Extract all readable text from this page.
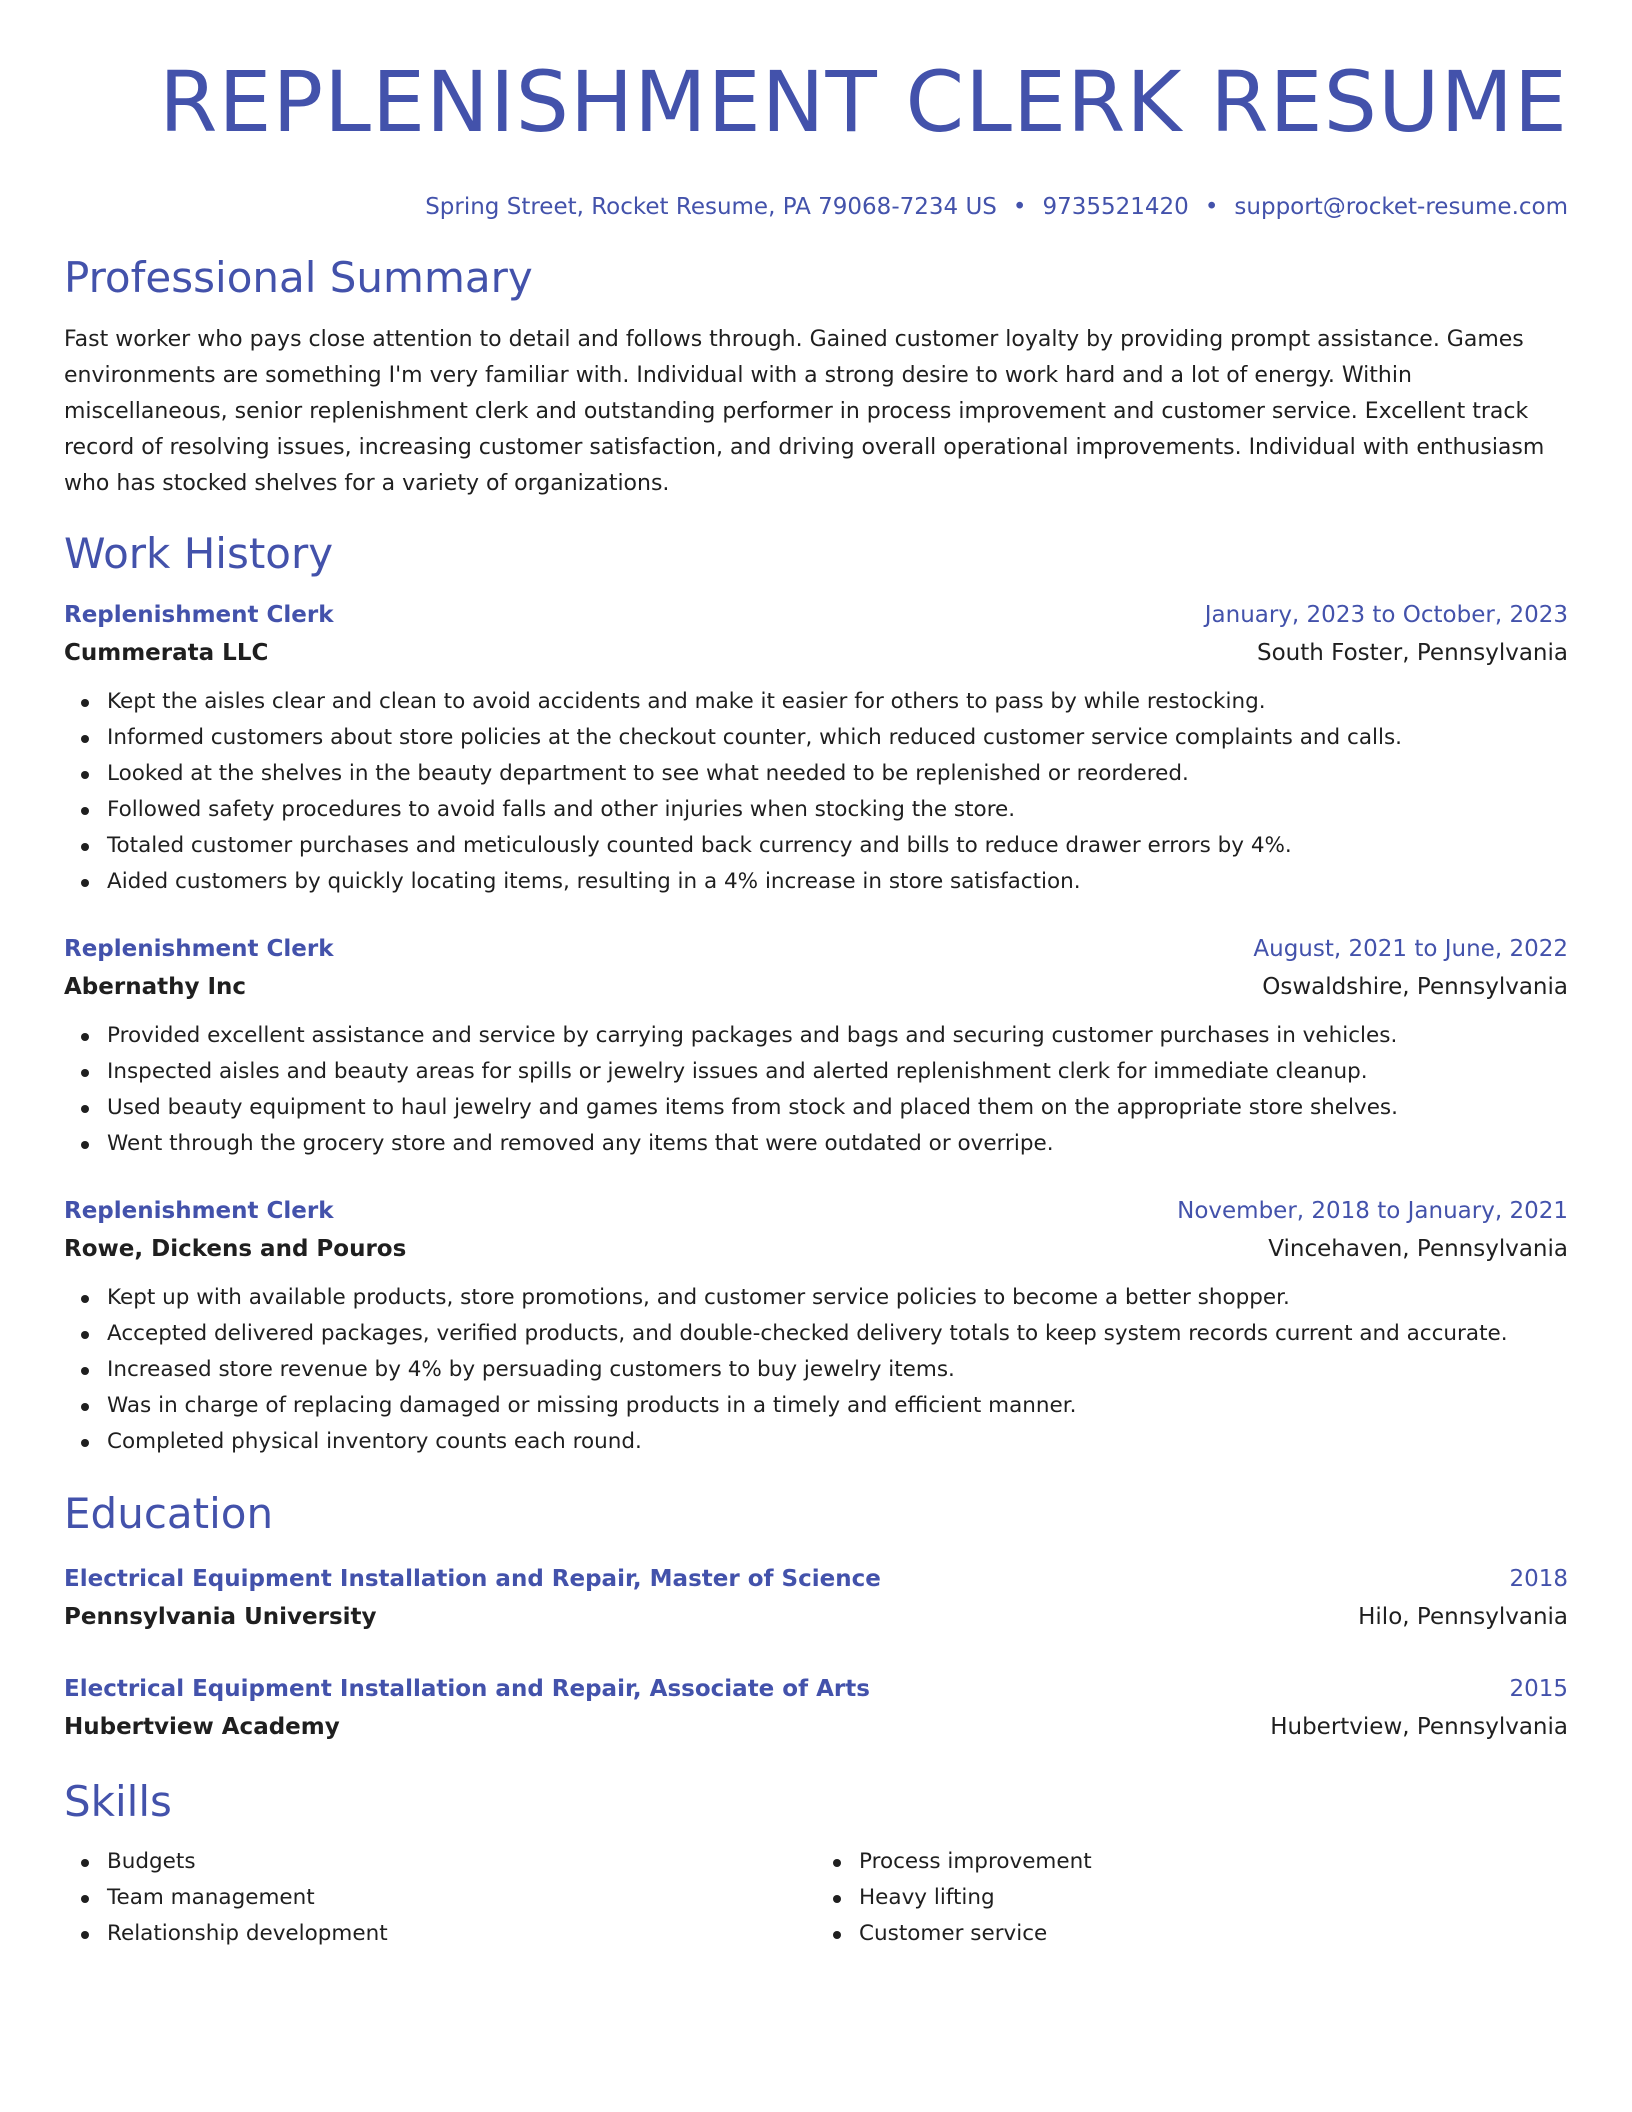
REPLENISHMENT CLERK RESUME
Spring Street, Rocket Resume, PA 79068-7234 US • 9735521420 • support@rocket-resume.com
Professional Summary

Fast worker who pays close attention to detail and follows through. Gained customer loyalty by providing prompt assistance. Games environments are something I'm very familiar with. Individual with a strong desire to work hard and a lot of energy. Within miscellaneous, senior replenishment clerk and outstanding performer in process improvement and customer service. Excellent track record of resolving issues, increasing customer satisfaction, and driving overall operational improvements. Individual with enthusiasm who has stocked shelves for a variety of organizations.

Work History
Replenishment Clerk	January, 2023 to October, 2023
Cummerata LLC	South Foster, Pennsylvania
Kept the aisles clear and clean to avoid accidents and make it easier for others to pass by while restocking.
Informed customers about store policies at the checkout counter, which reduced customer service complaints and calls.
Looked at the shelves in the beauty department to see what needed to be replenished or reordered.
Followed safety procedures to avoid falls and other injuries when stocking the store.
Totaled customer purchases and meticulously counted back currency and bills to reduce drawer errors by 4%.
Aided customers by quickly locating items, resulting in a 4% increase in store satisfaction.
Replenishment Clerk	August, 2021 to June, 2022
Abernathy Inc	Oswaldshire, Pennsylvania
Provided excellent assistance and service by carrying packages and bags and securing customer purchases in vehicles.
Inspected aisles and beauty areas for spills or jewelry issues and alerted replenishment clerk for immediate cleanup.
Used beauty equipment to haul jewelry and games items from stock and placed them on the appropriate store shelves.
Went through the grocery store and removed any items that were outdated or overripe.
Replenishment Clerk	November, 2018 to January, 2021
Rowe, Dickens and Pouros	Vincehaven, Pennsylvania
Kept up with available products, store promotions, and customer service policies to become a better shopper.
Accepted delivered packages, verified products, and double-checked delivery totals to keep system records current and accurate.
Increased store revenue by 4% by persuading customers to buy jewelry items.
Was in charge of replacing damaged or missing products in a timely and efficient manner.
Completed physical inventory counts each round.
Education
Electrical Equipment Installation and Repair, Master of Science	2018
Pennsylvania University	Hilo, Pennsylvania
Electrical Equipment Installation and Repair, Associate of Arts	2015
Hubertview Academy	Hubertview, Pennsylvania
Skills
Budgets
Team management
Relationship development
Process improvement
Heavy lifting
Customer service
